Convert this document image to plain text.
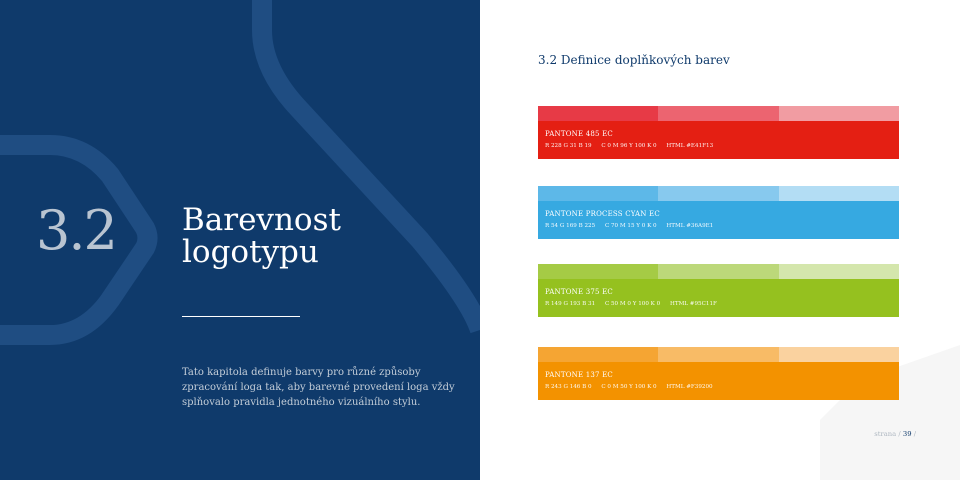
3.2 Barevnost
logotypu
Tato kapitola definuje barvy pro různé způsoby zpracování loga tak, aby barevné provedení loga vždy splňovalo pravidla jednotného vizuálního stylu.
3.2 Definice doplňkových barev
PANTONE 485 EC
R 228 G 31 B 19 C 0 M 96 Y 100 K 0 HTML #E41F13
PANTONE PROCESS CYAN EC
R 54 G 169 B 225 C 70 M 15 Y 0 K 0 HTML #36A9E1
PANTONE 375 EC
R 149 G 193 B 31 C 50 M 0 Y 100 K 0 HTML #95C11F
PANTONE 137 EC
R 243 G 146 B 0 C 0 M 50 Y 100 K 0 HTML #F39200
strana / 39 /
